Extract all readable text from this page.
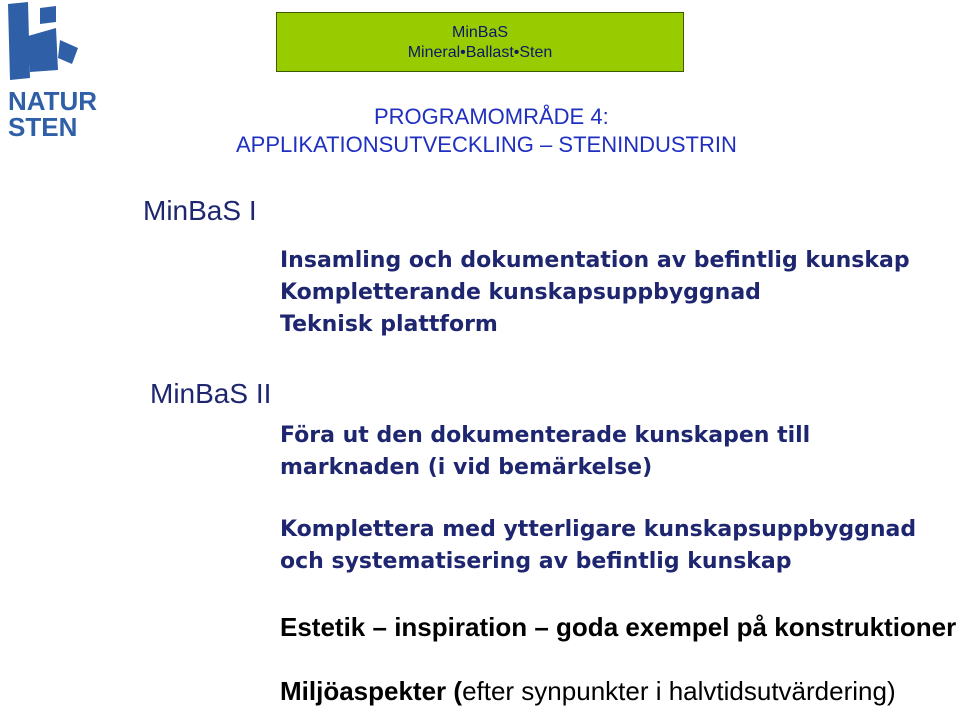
NATUR
STEN
MinBaS
Mineral•Ballast•Sten
PROGRAMOMRÅDE 4:
APPLIKATIONSUTVECKLING – STENINDUSTRIN
MinBaS I
Insamling och dokumentation av befintlig kunskap
Kompletterande kunskapsuppbyggnad
Teknisk plattform
MinBaS II
Föra ut den dokumenterade kunskapen till
marknaden (i vid bemärkelse)
Komplettera med ytterligare kunskapsuppbyggnad
och systematisering av befintlig kunskap
Estetik – inspiration – goda exempel på konstruktioner
Miljöaspekter (efter synpunkter i halvtidsutvärdering)
